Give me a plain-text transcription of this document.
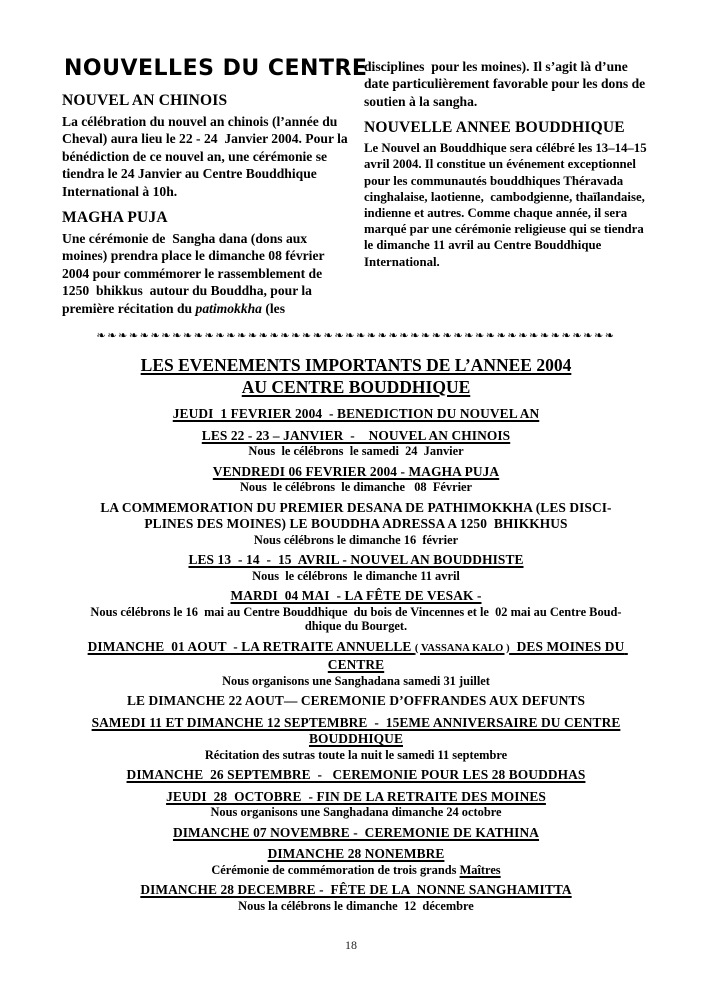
NOUVELLES DU CENTRE
NOUVEL AN CHINOIS
La célébration du nouvel an chinois (l’année du Cheval) aura lieu le 22 - 24  Janvier 2004. Pour la bénédiction de ce nouvel an, une cérémonie se tiendra le 24 Janvier au Centre Bouddhique International à 10h.
MAGHA PUJA
Une cérémonie de  Sangha dana (dons aux moines) prendra place le dimanche 08 février 2004 pour commémorer le rassemblement de 1250  bhikkus  autour du Bouddha, pour la première récitation du patimokkha (les
disciplines  pour les moines). Il s’agit là d’une date particulièrement favorable pour les dons de soutien à la sangha.
NOUVELLE ANNEE BOUDDHIQUE
Le Nouvel an Bouddhique sera célébré les 13–14–15 avril 2004. Il constitue un événement exceptionnel pour les communautés bouddhiques Théravada cinghalaise, laotienne,  cambodgienne, thaïlandaise, indienne et autres. Comme chaque année, il sera marqué par une cérémonie religieuse qui se tiendra le dimanche 11 avril au Centre Bouddhique International.
❧❧❧❧❧❧❧❧❧❧❧❧❧❧❧❧❧❧❧❧❧❧❧❧❧❧❧❧❧❧❧❧❧❧❧❧❧❧❧❧❧❧❧❧❧❧❧❧
LES EVENEMENTS IMPORTANTS DE L’ANNEE 2004
AU CENTRE BOUDDHIQUE
JEUDI  1 FEVRIER 2004  - BENEDICTION DU NOUVEL AN
LES 22 - 23 – JANVIER  -    NOUVEL AN CHINOIS
Nous  le célébrons  le samedi  24  Janvier
VENDREDI 06 FEVRIER 2004 - MAGHA PUJA
Nous  le célébrons  le dimanche   08  Février
LA COMMEMORATION DU PREMIER DESANA DE PATHIMOKKHA (LES DISCI-
PLINES DES MOINES) LE BOUDDHA ADRESSA A 1250  BHIKKHUS
Nous célébrons le dimanche 16  février
LES 13  - 14  -  15  AVRIL - NOUVEL AN BOUDDHISTE
Nous  le célébrons  le dimanche 11 avril
MARDI  04 MAI  - LA FÊTE DE VESAK -
Nous célébrons le 16  mai au Centre Bouddhique  du bois de Vincennes et le  02 mai au Centre Boud-
dhique du Bourget.
DIMANCHE  01 AOUT  - LA RETRAITE ANNUELLE ( VASSANA KALO )  DES MOINES DU CENTRE
Nous organisons une Sanghadana samedi 31 juillet
LE DIMANCHE 22 AOUT— CEREMONIE D’OFFRANDES AUX DEFUNTS
SAMEDI 11 ET DIMANCHE 12 SEPTEMBRE  -  15EME ANNIVERSAIRE DU CENTRE
BOUDDHIQUE
Récitation des sutras toute la nuit le samedi 11 septembre
DIMANCHE  26 SEPTEMBRE  -   CEREMONIE POUR LES 28 BOUDDHAS
JEUDI  28  OCTOBRE  - FIN DE LA RETRAITE DES MOINES
Nous organisons une Sanghadana dimanche 24 octobre
DIMANCHE 07 NOVEMBRE -  CEREMONIE DE KATHINA
DIMANCHE 28 NONEMBRE
Cérémonie de commémoration de trois grands Maîtres
DIMANCHE 28 DECEMBRE -  FÊTE DE LA  NONNE SANGHAMITTA
Nous la célébrons le dimanche  12  décembre
18
